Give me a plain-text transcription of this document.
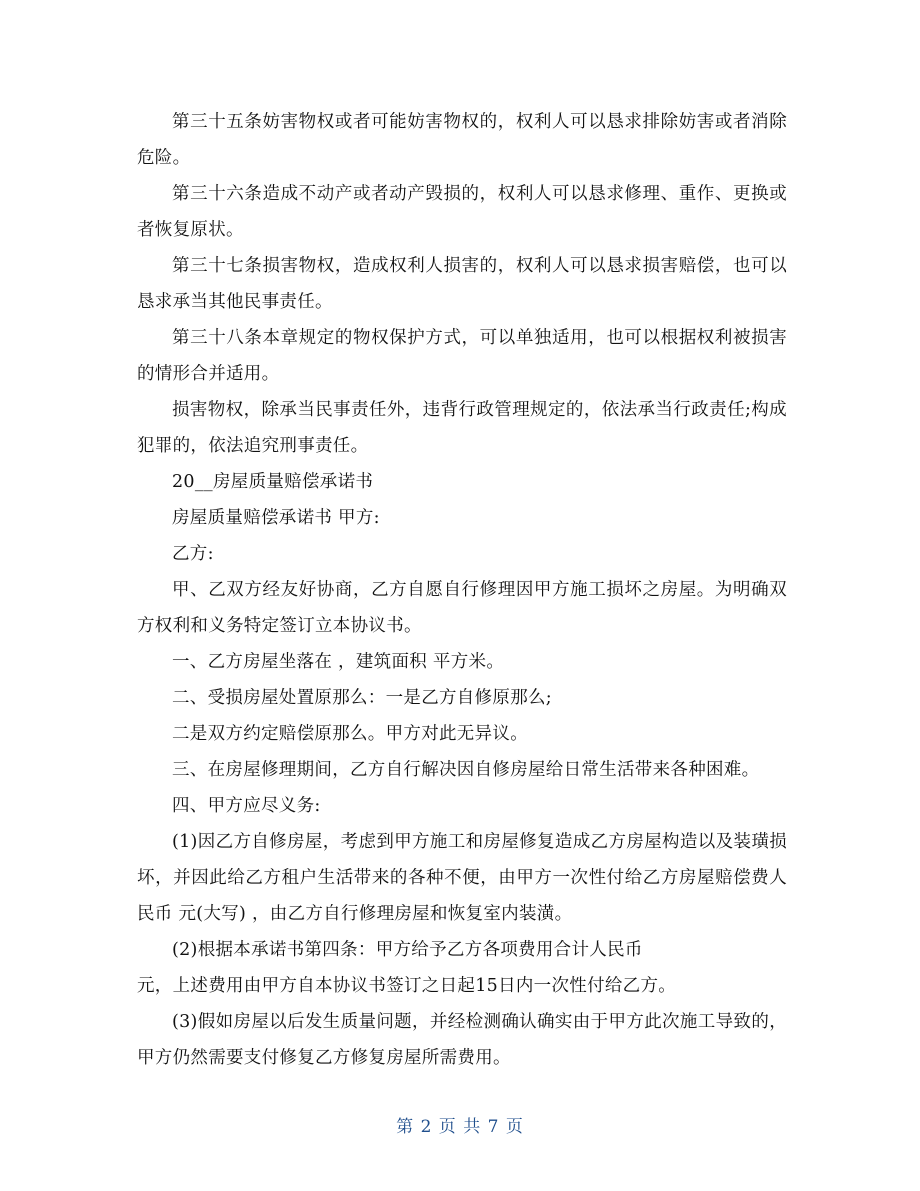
第三十五条妨害物权或者可能妨害物权的，权利人可以恳求排除妨害或者消除危险。

第三十六条造成不动产或者动产毁损的，权利人可以恳求修理、重作、更换或者恢复原状。

第三十七条损害物权，造成权利人损害的，权利人可以恳求损害赔偿，也可以恳求承当其他民事责任。

第三十八条本章规定的物权保护方式，可以单独适用，也可以根据权利被损害的情形合并适用。

损害物权，除承当民事责任外，违背行政管理规定的，依法承当行政责任;构成犯罪的，依法追究刑事责任。

20__房屋质量赔偿承诺书

房屋质量赔偿承诺书 甲方:

乙方:

甲、乙双方经友好协商，乙方自愿自行修理因甲方施工损坏之房屋。为明确双方权利和义务特定签订立本协议书。

一、乙方房屋坐落在 ，建筑面积 平方米。

二、受损房屋处置原那么：一是乙方自修原那么;

二是双方约定赔偿原那么。甲方对此无异议。

三、在房屋修理期间，乙方自行解决因自修房屋给日常生活带来各种困难。

四、甲方应尽义务:

(1)因乙方自修房屋，考虑到甲方施工和房屋修复造成乙方房屋构造以及装璜损坏，并因此给乙方租户生活带来的各种不便，由甲方一次性付给乙方房屋赔偿费人民币 元(大写) ，由乙方自行修理房屋和恢复室内装潢。

(2)根据本承诺书第四条：甲方给予乙方各项费用合计人民币
元，上述费用由甲方自本协议书签订之日起15日内一次性付给乙方。

(3)假如房屋以后发生质量问题，并经检测确认确实由于甲方此次施工导致的，甲方仍然需要支付修复乙方修复房屋所需费用。

第 2 页 共 7 页
